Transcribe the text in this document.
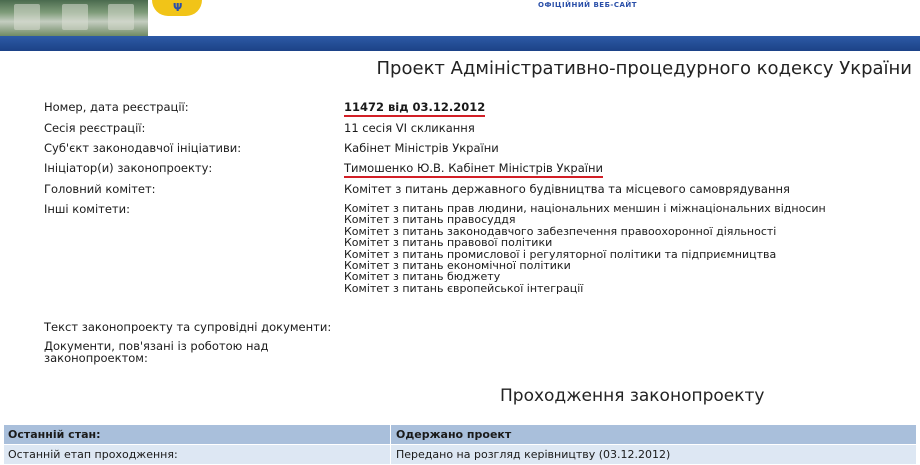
Ψ	ОФІЦІЙНИЙ ВЕБ-САЙТ
Проект Адміністративно-процедурного кодексу України
Номер, дата реєстрації:	11472 від 03.12.2012
Сесія реєстрації:	11 сесія VI скликання
Суб'єкт законодавчої ініціативи:	Кабінет Міністрів України
Ініціатор(и) законопроекту:	Тимошенко Ю.В. Кабінет Міністрів України
Головний комітет:	Комітет з питань державного будівництва та місцевого самоврядування
Інші комітети:	Комітет з питань прав людини, національних меншин і міжнаціональних відносин
Комітет з питань правосуддя
Комітет з питань законодавчого забезпечення правоохоронної діяльності
Комітет з питань правової політики
Комітет з питань промислової і регуляторної політики та підприємництва
Комітет з питань економічної політики
Комітет з питань бюджету
Комітет з питань європейської інтеграції
Текст законопроекту та супровідні документи:
Документи, пов'язані із роботою над законопроектом:
Проходження законопроекту
Останній стан:	Одержано проект
Останній етап проходження:	Передано на розгляд керівництву (03.12.2012)
